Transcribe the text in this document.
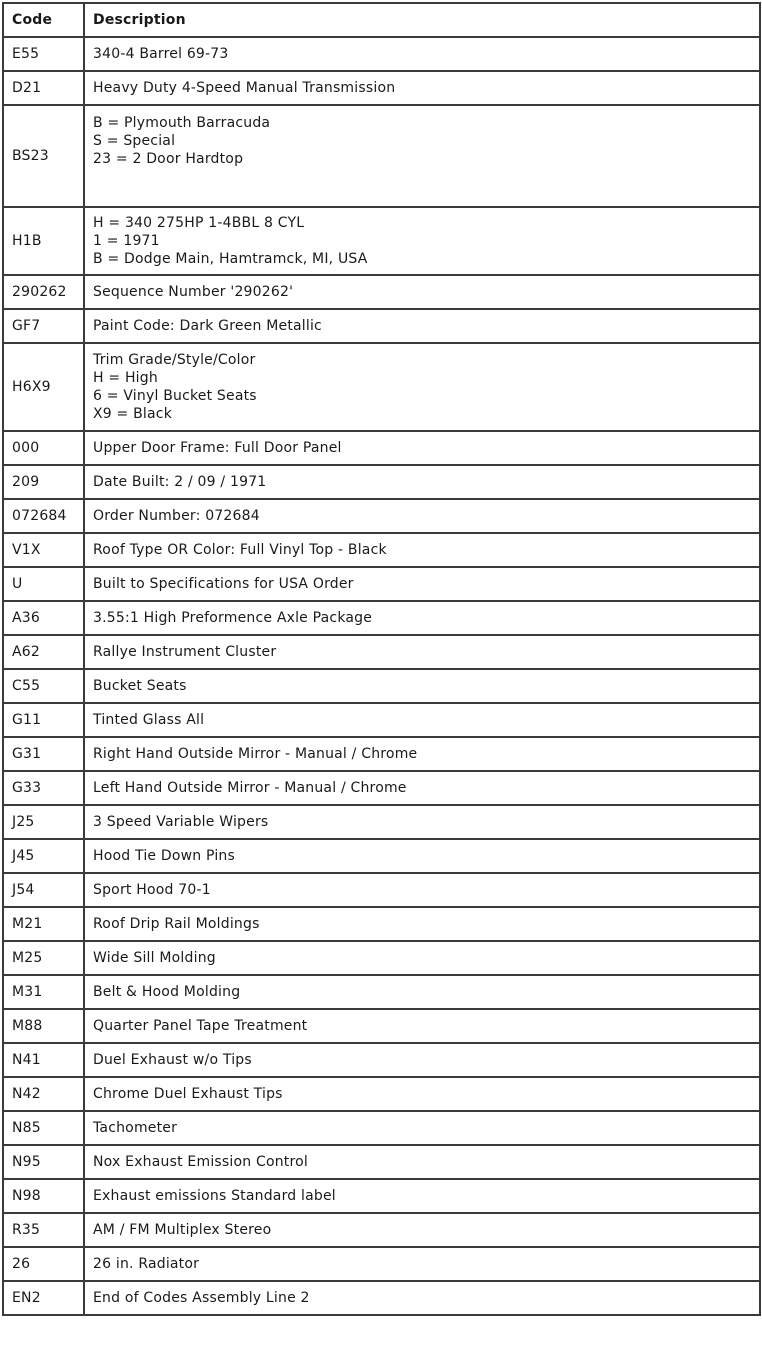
Code	Description
E55	340-4 Barrel 69-73
D21	Heavy Duty 4-Speed Manual Transmission
BS23	B = Plymouth Barracuda
S = Special
23 = 2 Door Hardtop
H1B	H = 340 275HP 1-4BBL 8 CYL
1 = 1971
B = Dodge Main, Hamtramck, MI, USA
290262	Sequence Number '290262'
GF7	Paint Code: Dark Green Metallic
H6X9	Trim Grade/Style/Color
H = High
6 = Vinyl Bucket Seats
X9 = Black
000	Upper Door Frame: Full Door Panel
209	Date Built: 2 / 09 / 1971
072684	Order Number: 072684
V1X	Roof Type OR Color: Full Vinyl Top - Black
U	Built to Specifications for USA Order
A36	3.55:1 High Preformence Axle Package
A62	Rallye Instrument Cluster
C55	Bucket Seats
G11	Tinted Glass All
G31	Right Hand Outside Mirror - Manual / Chrome
G33	Left Hand Outside Mirror - Manual / Chrome
J25	3 Speed Variable Wipers
J45	Hood Tie Down Pins
J54	Sport Hood 70-1
M21	Roof Drip Rail Moldings
M25	Wide Sill Molding
M31	Belt & Hood Molding
M88	Quarter Panel Tape Treatment
N41	Duel Exhaust w/o Tips
N42	Chrome Duel Exhaust Tips
N85	Tachometer
N95	Nox Exhaust Emission Control
N98	Exhaust emissions Standard label
R35	AM / FM Multiplex Stereo
26	26 in. Radiator
EN2	End of Codes Assembly Line 2
